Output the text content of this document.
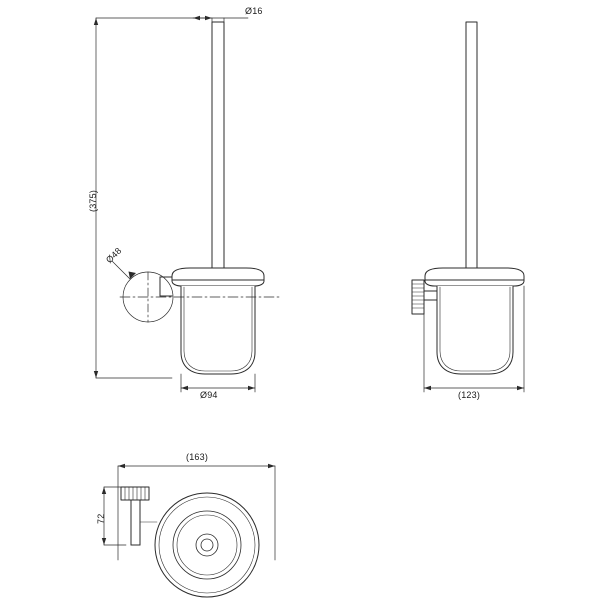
Ø16
(375)
Ø48
Ø94	(123)
(163)
72
